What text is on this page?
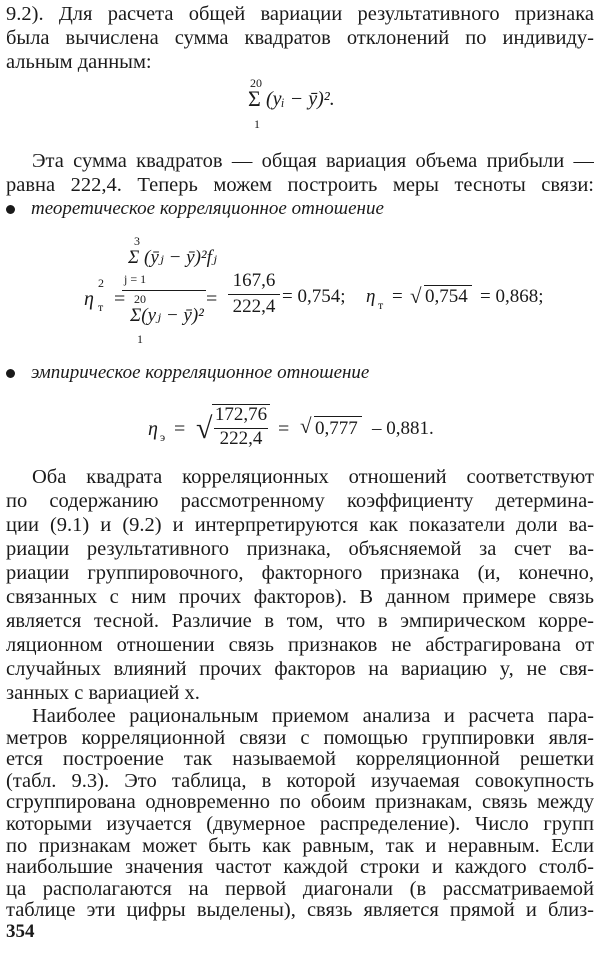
9.2). Для расчета общей вариации результативного признака
была вычислена сумма квадратов отклонений по индивиду-
альным данным:
20
Σ (yᵢ − ȳ)².
1
Эта сумма квадратов — общая вариация объема прибыли —
равна 222,4. Теперь можем построить меры тесноты связи:
теоретическое корреляционное отношение
η
2
т =
3
Σ (ȳⱼ − ȳ)²fⱼ
j = 1
20
Σ(yⱼ − ȳ)²
1
=
167,6
222,4 = 0,754; η т = √ 0,754 = 0,868;
эмпирическое корреляционное отношение
η э = √ 172,76
222,4 = √ 0,777 – 0,881.
Оба квадрата корреляционных отношений соответствуют
по содержанию рассмотренному коэффициенту детермина-
ции (9.1) и (9.2) и интерпретируются как показатели доли ва-
риации результативного признака, объясняемой за счет ва-
риации группировочного, факторного признака (и, конечно,
связанных с ним прочих факторов). В данном примере связь
является тесной. Различие в том, что в эмпирическом корре-
ляционном отношении связь признаков не абстрагирована от
случайных влияний прочих факторов на вариацию y, не свя-
занных с вариацией x.
Наиболее рациональным приемом анализа и расчета пара-
метров корреляционной связи с помощью группировки явля-
ется построение так называемой корреляционной решетки
(табл. 9.3). Это таблица, в которой изучаемая совокупность
сгруппирована одновременно по обоим признакам, связь между
которыми изучается (двумерное распределение). Число групп
по признакам может быть как равным, так и неравным. Если
наибольшие значения частот каждой строки и каждого столб-
ца располагаются на первой диагонали (в рассматриваемой
таблице эти цифры выделены), связь является прямой и близ-
354
